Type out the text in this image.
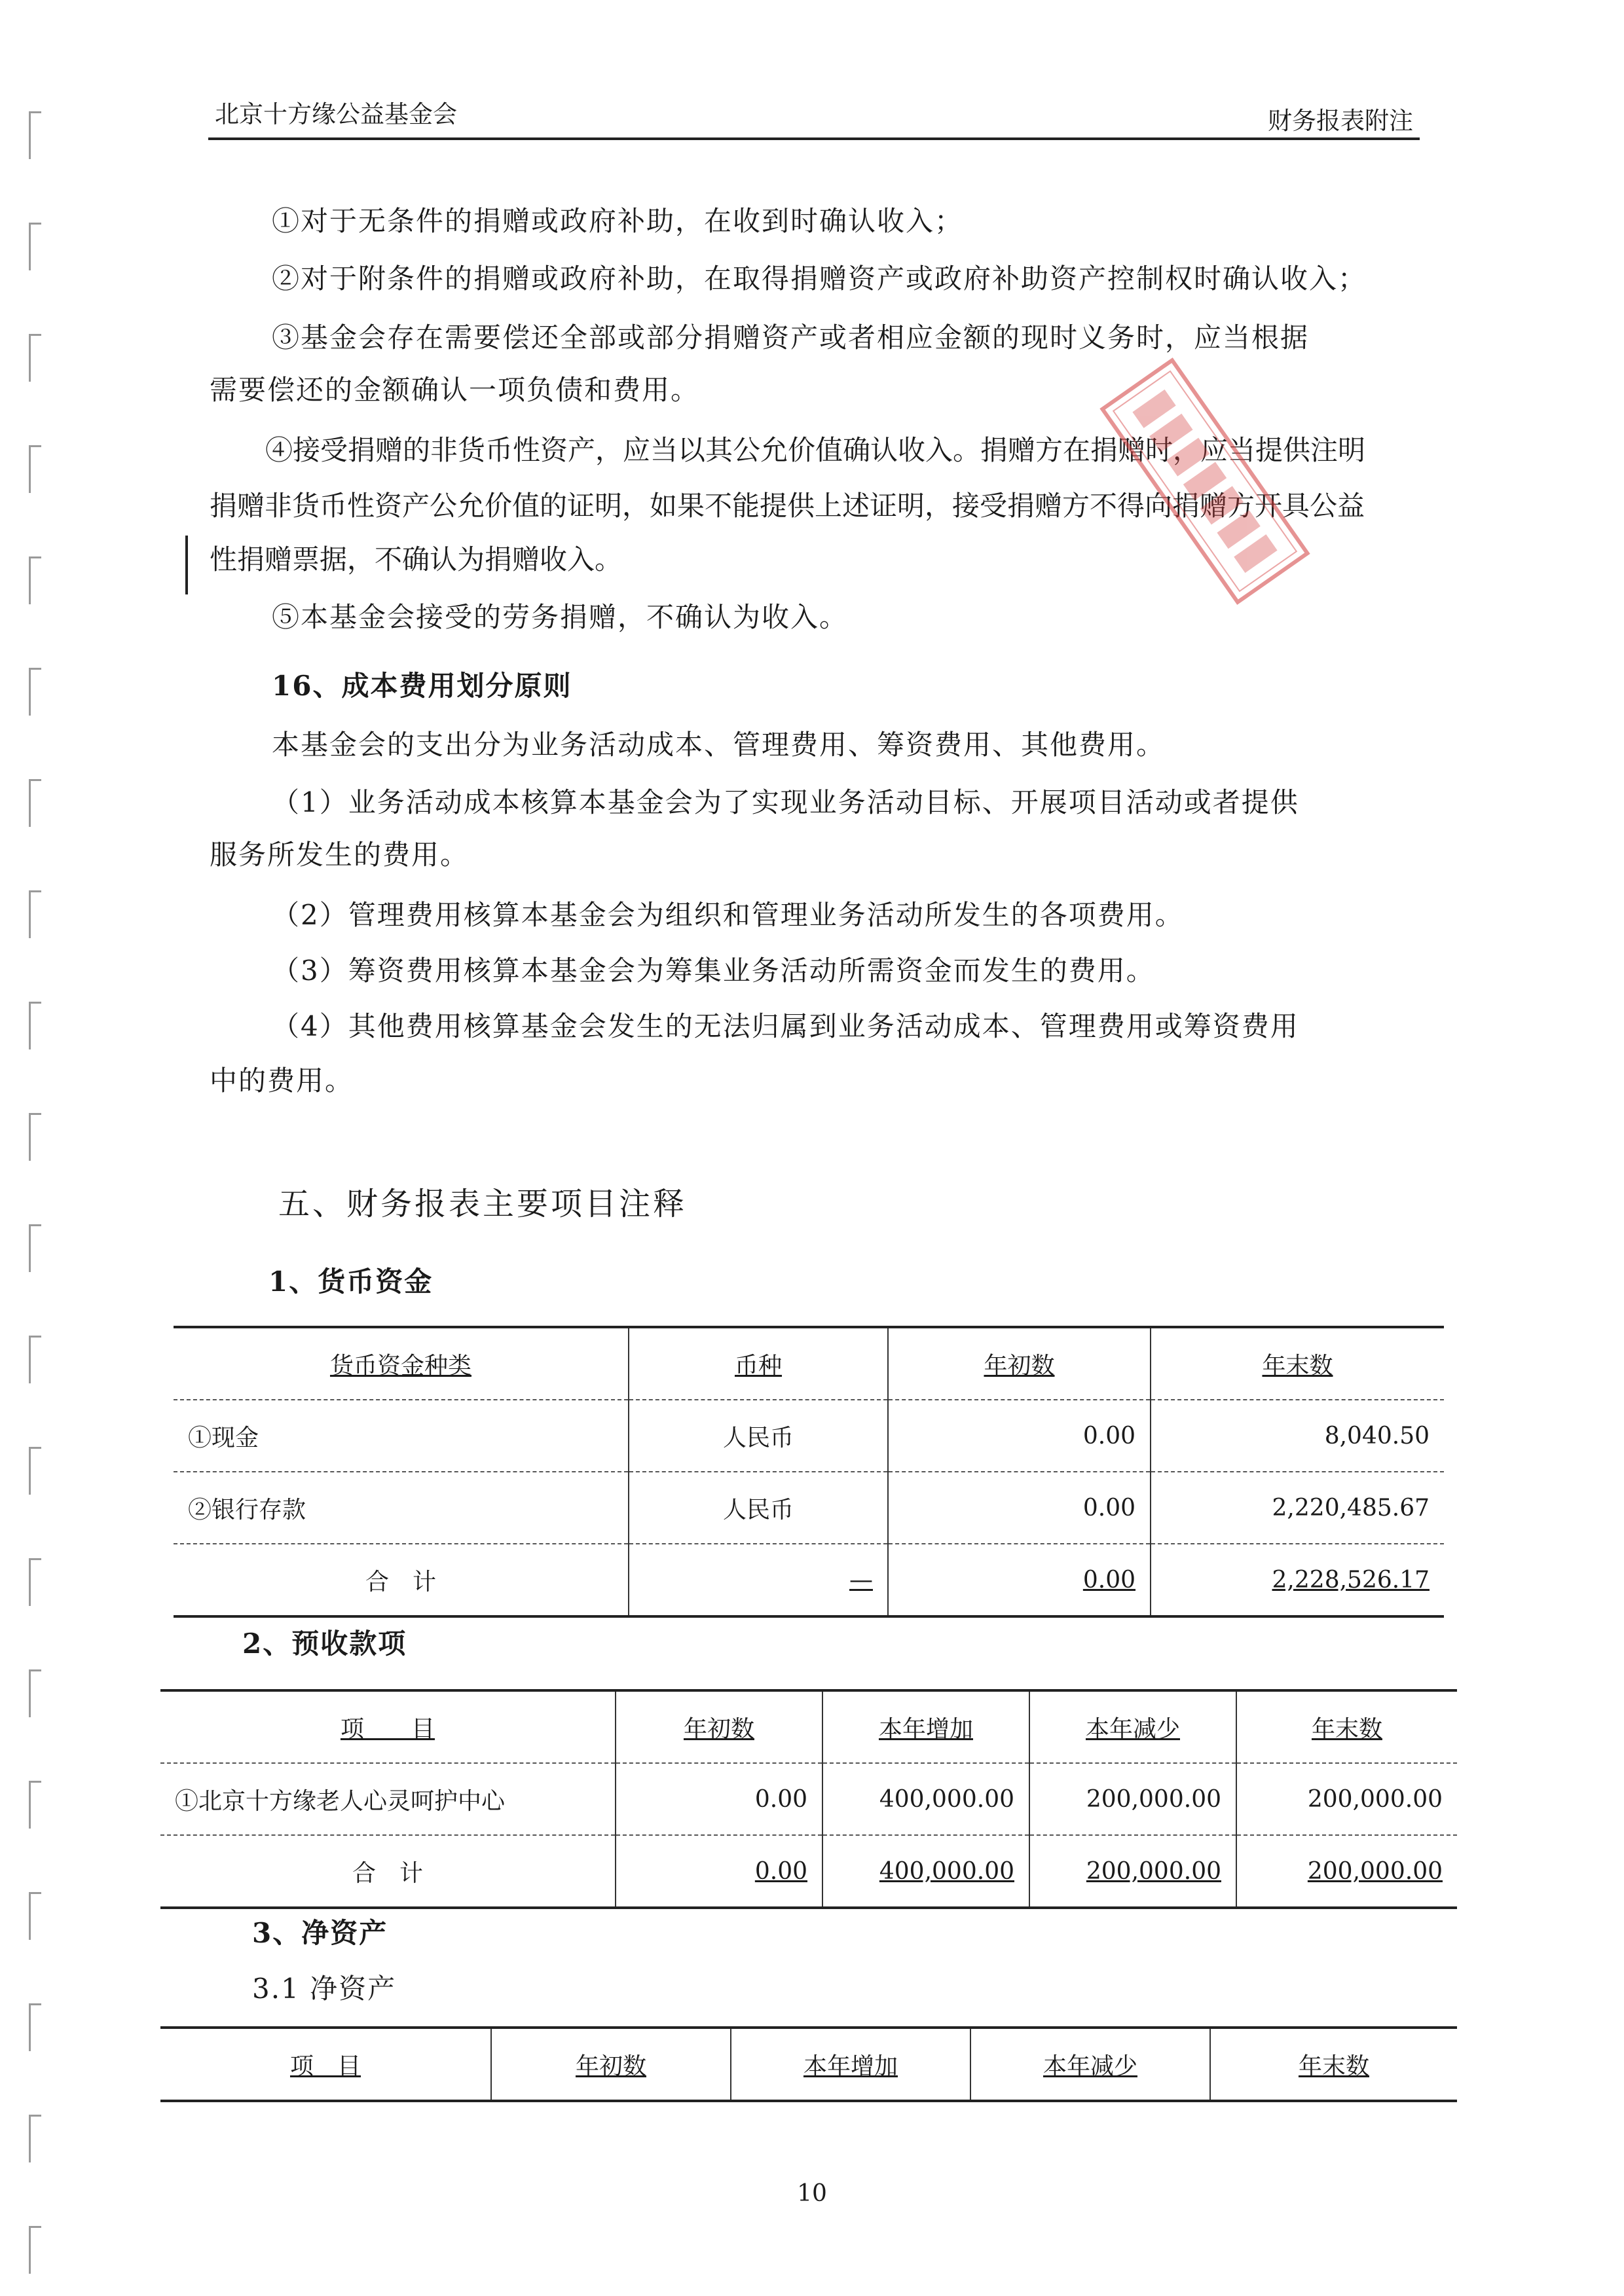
北京十方缘公益基金会	财务报表附注
①对于无条件的捐赠或政府补助，在收到时确认收入；
②对于附条件的捐赠或政府补助，在取得捐赠资产或政府补助资产控制权时确认收入；
③基金会存在需要偿还全部或部分捐赠资产或者相应金额的现时义务时，应当根据
需要偿还的金额确认一项负债和费用。
④接受捐赠的非货币性资产，应当以其公允价值确认收入。捐赠方在捐赠时，应当提供注明
捐赠非货币性资产公允价值的证明，如果不能提供上述证明，接受捐赠方不得向捐赠方开具公益
性捐赠票据，不确认为捐赠收入。
⑤本基金会接受的劳务捐赠，不确认为收入。
16、成本费用划分原则
本基金会的支出分为业务活动成本、管理费用、筹资费用、其他费用。
（1）业务活动成本核算本基金会为了实现业务活动目标、开展项目活动或者提供
服务所发生的费用。
（2）管理费用核算本基金会为组织和管理业务活动所发生的各项费用。
（3）筹资费用核算本基金会为筹集业务活动所需资金而发生的费用。
（4）其他费用核算基金会发生的无法归属到业务活动成本、管理费用或筹资费用
中的费用。
五、财务报表主要项目注释
1、货币资金
货币资金种类	币种	年初数	年末数
①现金	人民币	0.00	8,040.50
②银行存款	人民币	0.00	2,220,485.67
合　计	—	0.00	2,228,526.17
2、预收款项
项　　目	年初数	本年增加	本年减少	年末数
①北京十方缘老人心灵呵护中心	0.00	400,000.00	200,000.00	200,000.00
合　计	0.00	400,000.00	200,000.00	200,000.00
3、净资产
3.1 净资产
项　目	年初数	本年增加	本年减少	年末数
10
